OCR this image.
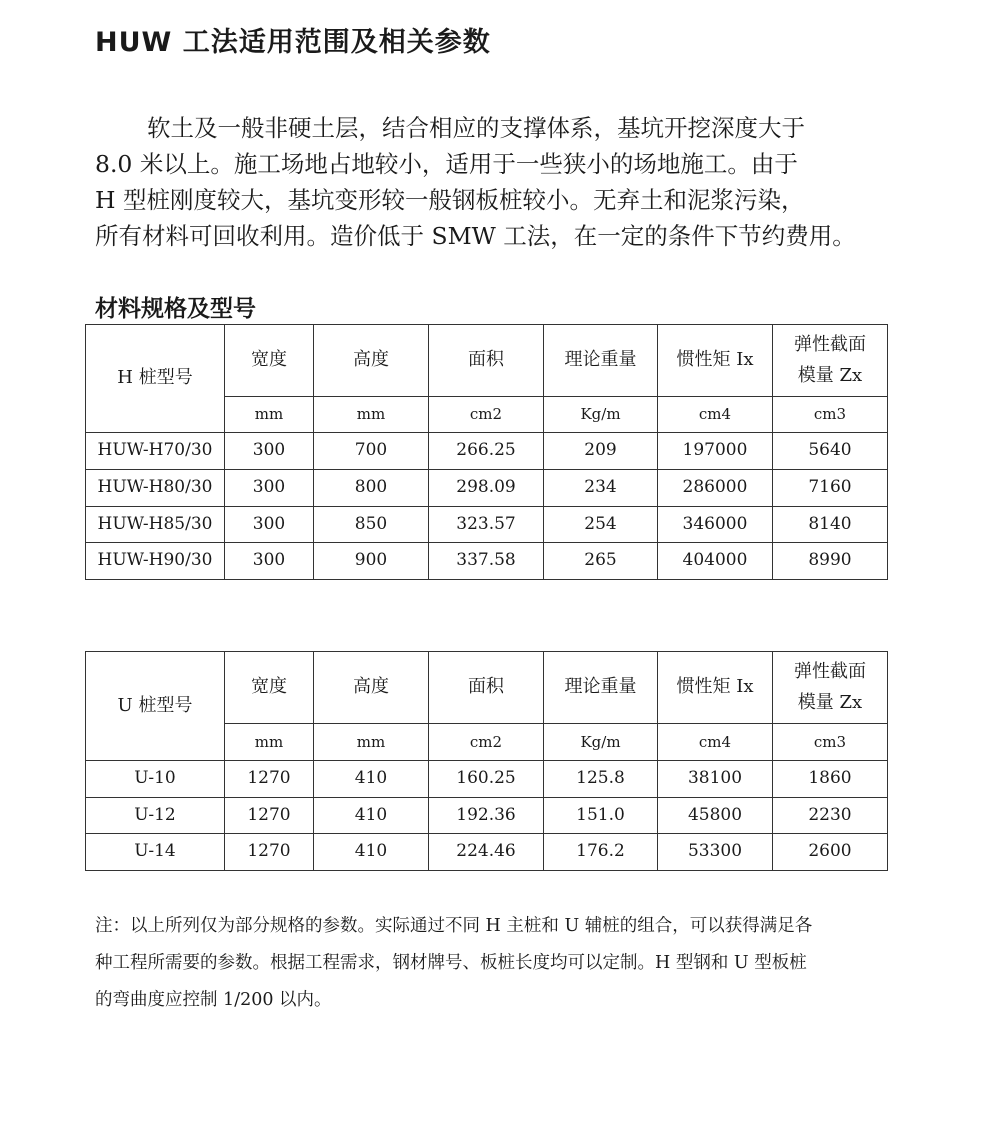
HUW 工法适用范围及相关参数

软土及一般非硬土层，结合相应的支撑体系，基坑开挖深度大于
8.0 米以上。施工场地占地较小，适用于一些狭小的场地施工。由于
H 型桩刚度较大，基坑变形较一般钢板桩较小。无弃土和泥浆污染，
所有材料可回收利用。造价低于 SMW 工法，在一定的条件下节约费用。

材料规格及型号
H 桩型号	宽度	高度	面积	理论重量	惯性矩 Ix	弹性截面
模量 Zx

	mm	mm	cm2	Kg/m	cm4	cm3
HUW-H70/30	300	700	266.25	209	197000	5640
HUW-H80/30	300	800	298.09	234	286000	7160
HUW-H85/30	300	850	323.57	254	346000	8140
HUW-H90/30	300	900	337.58	265	404000	8990
U 桩型号	宽度	高度	面积	理论重量	惯性矩 Ix	弹性截面
模量 Zx

	mm	mm	cm2	Kg/m	cm4	cm3
U-10	1270	410	160.25	125.8	38100	1860
U-12	1270	410	192.36	151.0	45800	2230
U-14	1270	410	224.46	176.2	53300	2600

注：以上所列仅为部分规格的参数。实际通过不同 H 主桩和 U 辅桩的组合，可以获得满足各
种工程所需要的参数。根据工程需求，钢材牌号、板桩长度均可以定制。H 型钢和 U 型板桩
的弯曲度应控制 1/200 以内。
